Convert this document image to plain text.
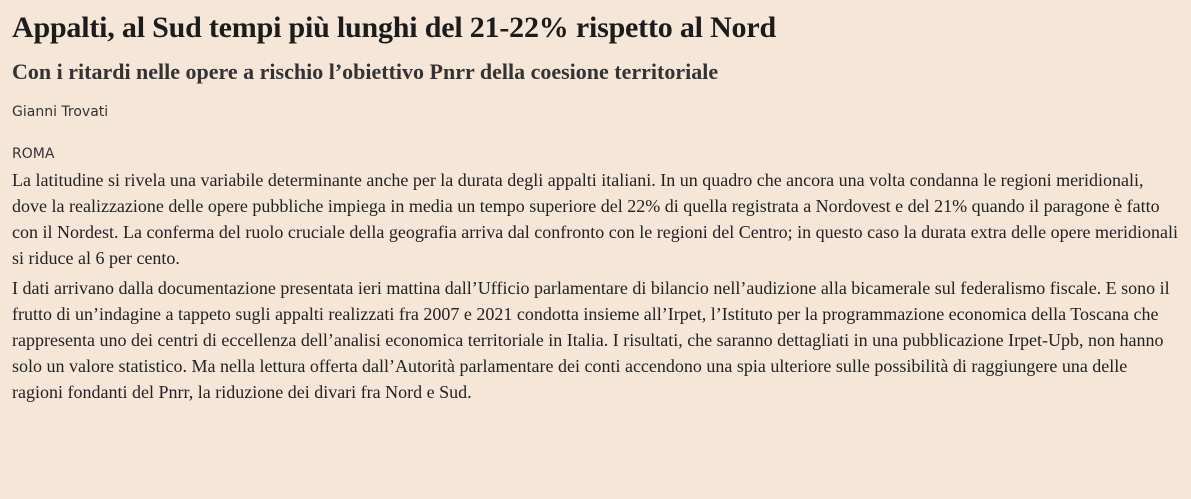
Appalti, al Sud tempi più lunghi del 21-22% rispetto al Nord
Con i ritardi nelle opere a rischio l’obiettivo Pnrr della coesione territoriale
Gianni Trovati
ROMA

La latitudine si rivela una variabile determinante anche per la durata degli appalti italiani. In un quadro che ancora una volta condanna le regioni meridionali, dove la realizzazione delle opere pubbliche impiega in media un tempo superiore del 22% di quella registrata a Nordovest e del 21% quando il paragone è fatto con il Nordest. La conferma del ruolo cruciale della geografia arriva dal confronto con le regioni del Centro; in questo caso la durata extra delle opere meridionali si riduce al 6 per cento.

I dati arrivano dalla documentazione presentata ieri mattina dall’Ufficio parlamentare di bilancio nell’audizione alla bicamerale sul federalismo fiscale. E sono il frutto di un’indagine a tappeto sugli appalti realizzati fra 2007 e 2021 condotta insieme all’Irpet, l’Istituto per la programmazione economica della Toscana che rappresenta uno dei centri di eccellenza dell’analisi economica territoriale in Italia. I risultati, che saranno dettagliati in una pubblicazione Irpet-Upb, non hanno solo un valore statistico. Ma nella lettura offerta dall’Autorità parlamentare dei conti accendono una spia ulteriore sulle possibilità di raggiungere una delle ragioni fondanti del Pnrr, la riduzione dei divari fra Nord e Sud.
